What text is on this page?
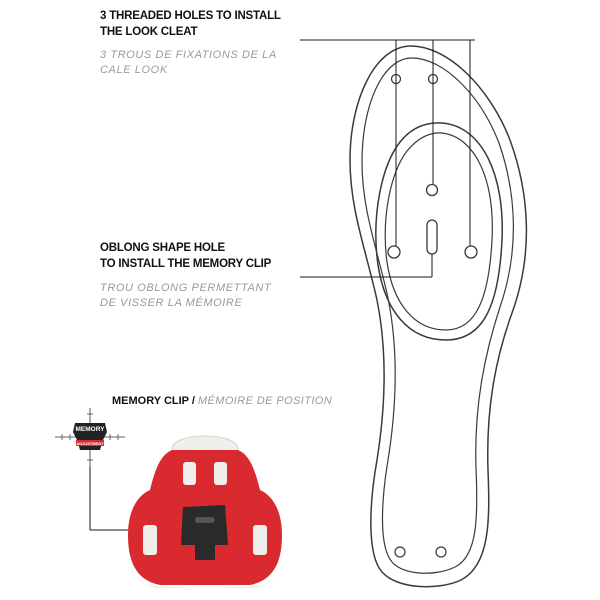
3 THREADED HOLES TO INSTALL
THE LOOK CLEAT
3 TROUS DE FIXATIONS DE LA
CALE LOOK
OBLONG SHAPE HOLE
TO INSTALL THE MEMORY CLIP
TROU OBLONG PERMETTANT
DE VISSER LA MÉMOIRE
MEMORY CLIP / MÉMOIRE DE POSITION
MEMORY
ADJUSTMENT
